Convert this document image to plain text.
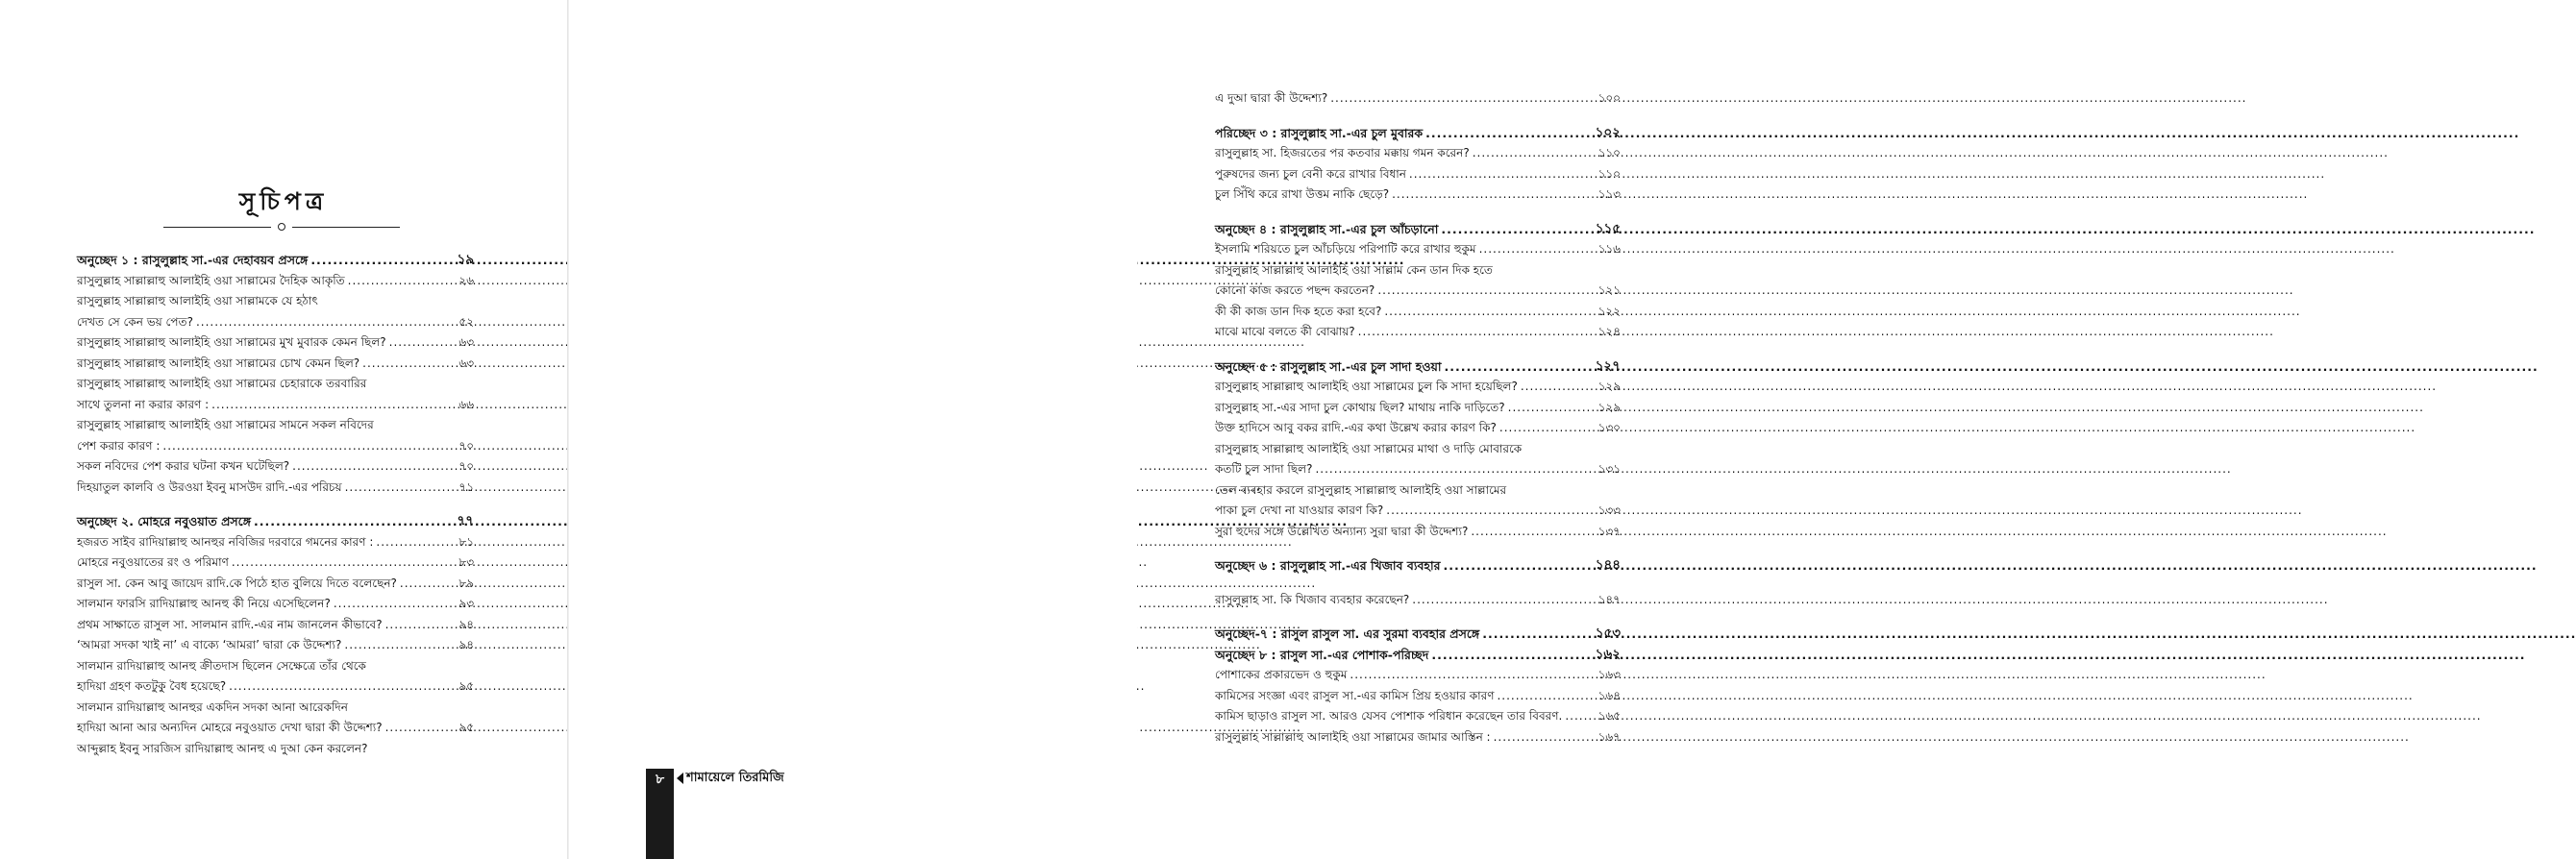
সূচিপত্র
অনুচ্ছেদ ১ : রাসুলুল্লাহ সা.-এর দেহাবয়ব প্রসঙ্গে .....	১৯
রাসুলুল্লাহ সাল্লাল্লাহু আলাইহি ওয়া সাল্লামের দৈহিক আকৃতি .....	২৬
রাসুলুল্লাহ সাল্লাল্লাহু আলাইহি ওয়া সাল্লামকে যে হঠাৎ
দেখত সে কেন ভয় পেত? .....	৫২
রাসুলুল্লাহ সাল্লাল্লাহু আলাইহি ওয়া সাল্লামের মুখ মুবারক কেমন ছিল? .....	৬৩
রাসুলুল্লাহ সাল্লাল্লাহু আলাইহি ওয়া সাল্লামের চোখ কেমন ছিল? .....	৬৩
রাসুলুল্লাহ সাল্লাল্লাহু আলাইহি ওয়া সাল্লামের চেহারাকে তরবারির
সাথে তুলনা না করার কারণ : .....	৬৬
রাসুলুল্লাহ সাল্লাল্লাহু আলাইহি ওয়া সাল্লামের সামনে সকল নবিদের
পেশ করার কারণ : .....	৭০
সকল নবিদের পেশ করার ঘটনা কখন ঘটেছিল? .....	৭০
দিহয়াতুল কালবি ও উরওয়া ইবনু মাসউদ রাদি.-এর পরিচয় .....	৭১
অনুচ্ছেদ ২. মোহরে নবুওয়াত প্রসঙ্গে .....	৭৭
হজরত সাইব রাদিয়াল্লাহু আনহুর নবিজির দরবারে গমনের কারণ : .....	৮১
মোহরে নবুওয়াতের রং ও পরিমাণ .....	৮৩
রাসুল সা. কেন আবু জায়েদ রাদি.কে পিঠে হাত বুলিয়ে দিতে বলেছেন? .....	৮৯
সালমান ফারসি রাদিয়াল্লাহু আনহু কী নিয়ে এসেছিলেন? .....	৯৩
প্রথম সাক্ষাতে রাসুল সা. সালমান রাদি.-এর নাম জানলেন কীভাবে? .....	৯৪
‘আমরা সদকা খাই না’ এ বাক্যে ‘আমরা’ দ্বারা কে উদ্দেশ্য? .....	৯৪
সালমান রাদিয়াল্লাহু আনহু ক্রীতদাস ছিলেন সেক্ষেত্রে তাঁর থেকে
হাদিয়া গ্রহণ কতটুকু বৈধ হয়েছে? .....	৯৫
সালমান রাদিয়াল্লাহু আনহুর একদিন সদকা আনা আরেকদিন
হাদিয়া আনা আর অন্যদিন মোহরে নবুওয়াত দেখা দ্বারা কী উদ্দেশ্য? .....	৯৫
আব্দুল্লাহ ইবনু সারজিস রাদিয়াল্লাহু আনহু এ দুআ কেন করলেন?
এ দুআ দ্বারা কী উদ্দেশ্য? .....	১০০
পরিচ্ছেদ ৩ : রাসুলুল্লাহ সা.-এর চুল মুবারক .....	১০২
রাসুলুল্লাহ সা. হিজরতের পর কতবার মক্কায় গমন করেন? .....	১১০
পুরুষদের জন্য চুল বেনী করে রাখার বিধান .....	১১০
চুল সিঁথি করে রাখা উত্তম নাকি ছেড়ে? .....	১১৩
অনুচ্ছেদ ৪ : রাসুলুল্লাহ সা.-এর চুল আঁচড়ানো .....	১১৫
ইসলামি শরিয়তে চুল আঁচড়িয়ে পরিপাটি করে রাখার হুকুম .....	১১৬
রাসুলুল্লাহ সাল্লাল্লাহু আলাইহি ওয়া সাল্লাম কেন ডান দিক হতে
কোনো কাজ করতে পছন্দ করতেন? .....	১২১
কী কী কাজ ডান দিক হতে করা হবে? .....	১২২
মাঝে মাঝে বলতে কী বোঝায়? .....	১২৪
অনুচ্ছেদ ৫ : রাসুলুল্লাহ সা.-এর চুল সাদা হওয়া .....	১২৭
রাসুলুল্লাহ সাল্লাল্লাহু আলাইহি ওয়া সাল্লামের চুল কি সাদা হয়েছিল? .....	১২৯
রাসুলুল্লাহ সা.-এর সাদা চুল কোথায় ছিল? মাথায় নাকি দাড়িতে? .....	১২৯
উক্ত হাদিসে আবু বকর রাদি.-এর কথা উল্লেখ করার কারণ কি? .....	১৩০
রাসুলুল্লাহ সাল্লাল্লাহু আলাইহি ওয়া সাল্লামের মাথা ও দাড়ি মোবারকে
কতটি চুল সাদা ছিল? .....	১৩১
তেল ব্যবহার করলে রাসুলুল্লাহ সাল্লাল্লাহু আলাইহি ওয়া সাল্লামের
পাকা চুল দেখা না যাওয়ার কারণ কি? .....	১৩৩
সুরা হুদের সঙ্গে উল্লেখিত অন্যান্য সুরা দ্বারা কী উদ্দেশ্য? .....	১৩৭
অনুচ্ছেদ ৬ : রাসুলুল্লাহ সা.-এর খিজাব ব্যবহার .....	১৪৪
রাসুলুল্লাহ সা. কি খিজাব ব্যবহার করেছেন? .....	১৪৭
অনুচ্ছেদ-৭ : রাসুল রাসুল সা. এর সুরমা ব্যবহার প্রসঙ্গে .....	১৫৩
অনুচ্ছেদ ৮ : রাসুল সা.-এর পোশাক-পরিচ্ছদ .....	১৬২
পোশাকের প্রকারভেদ ও হুকুম .....	১৬৩
কামিসের সংজ্ঞা এবং রাসুল সা.-এর কামিস প্রিয় হওয়ার কারণ .....	১৬৪
কামিস ছাড়াও রাসুল সা. আরও যেসব পোশাক পরিধান করেছেন তার বিবরণ. .....	১৬৫
রাসুলুল্লাহ সাল্লাল্লাহু আলাইহি ওয়া সাল্লামের জামার আস্তিন : .....	১৬৭
৮	শামায়েলে তিরমিজি
